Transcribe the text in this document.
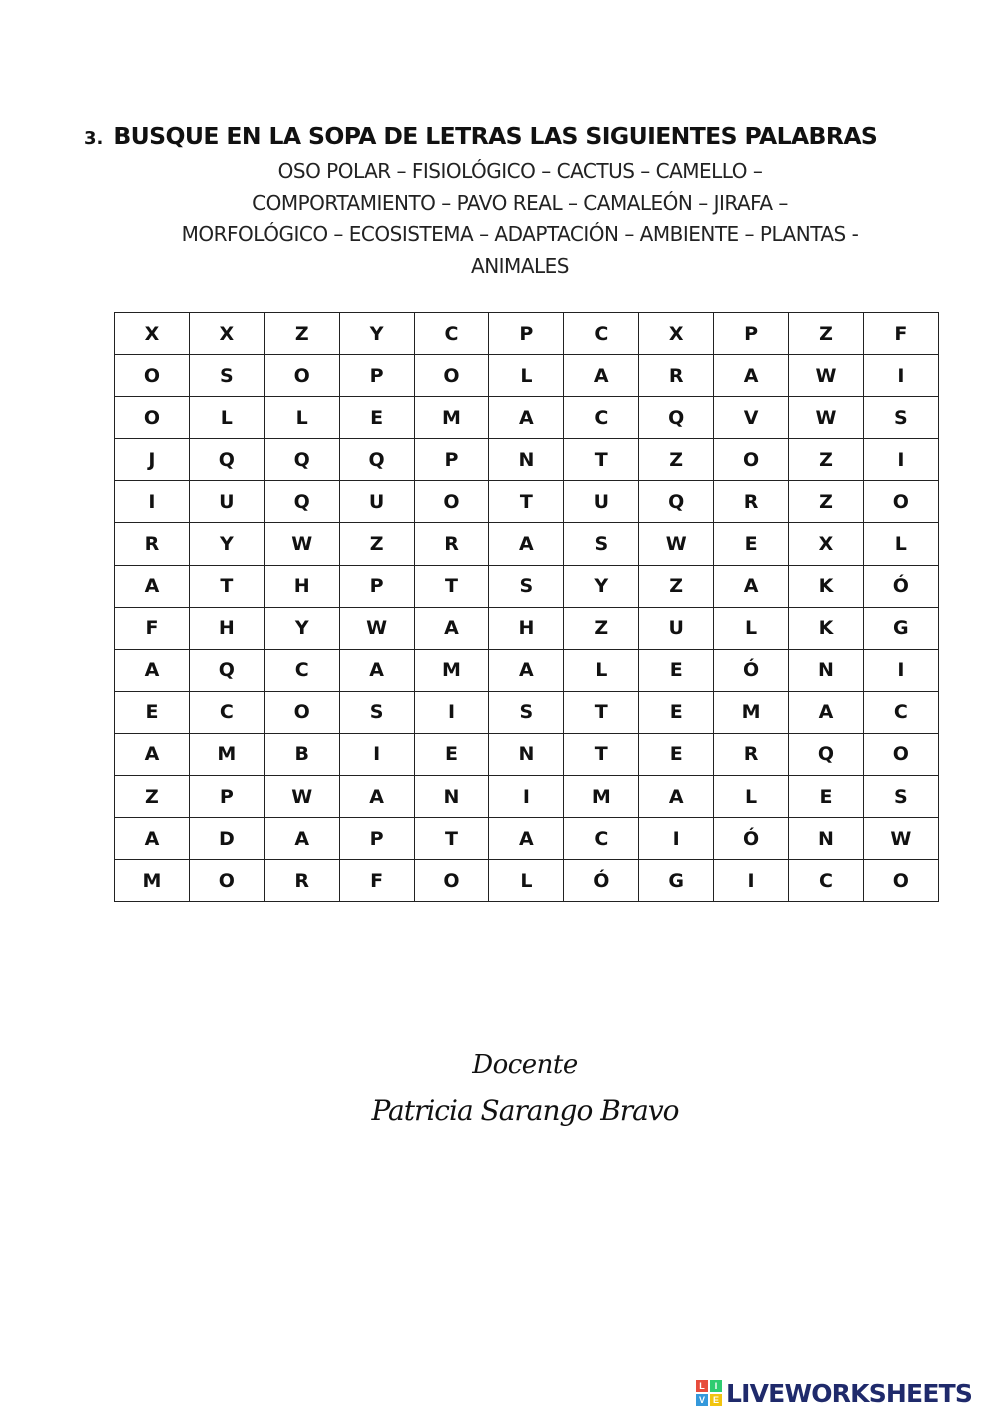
3. BUSQUE EN LA SOPA DE LETRAS LAS SIGUIENTES PALABRAS
OSO POLAR – FISIOLÓGICO – CACTUS – CAMELLO –
COMPORTAMIENTO – PAVO REAL – CAMALEÓN – JIRAFA –
MORFOLÓGICO – ECOSISTEMA – ADAPTACIÓN – AMBIENTE – PLANTAS -
ANIMALES
X	X	Z	Y	C	P	C	X	P	Z	F
O	S	O	P	O	L	A	R	A	W	I
O	L	L	E	M	A	C	Q	V	W	S
J	Q	Q	Q	P	N	T	Z	O	Z	I
I	U	Q	U	O	T	U	Q	R	Z	O
R	Y	W	Z	R	A	S	W	E	X	L
A	T	H	P	T	S	Y	Z	A	K	Ó
F	H	Y	W	A	H	Z	U	L	K	G
A	Q	C	A	M	A	L	E	Ó	N	I
E	C	O	S	I	S	T	E	M	A	C
A	M	B	I	E	N	T	E	R	Q	O
Z	P	W	A	N	I	M	A	L	E	S
A	D	A	P	T	A	C	I	Ó	N	W
M	O	R	F	O	L	Ó	G	I	C	O
Docente
Patricia Sarango Bravo
L	I
V E LIVEWORKSHEETS
